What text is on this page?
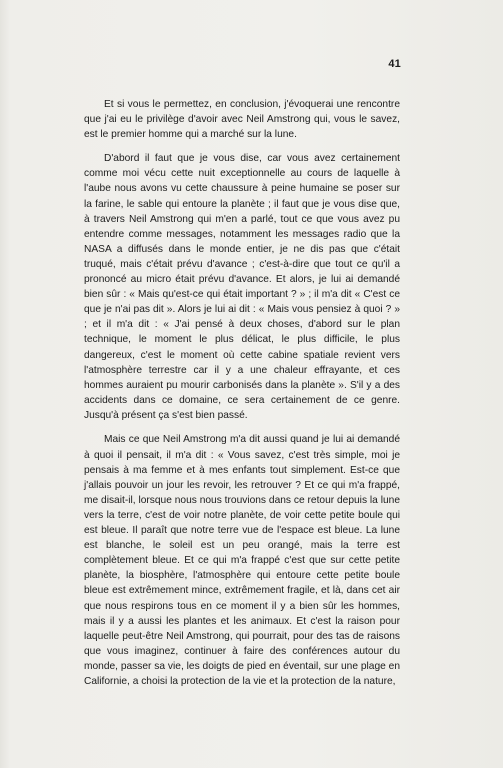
41

Et si vous le permettez, en conclusion, j'évoquerai une rencontre que j'ai eu le privilège d'avoir avec Neil Amstrong qui, vous le savez, est le premier homme qui a marché sur la lune.

D'abord il faut que je vous dise, car vous avez certainement comme moi vécu cette nuit exceptionnelle au cours de laquelle à l'aube nous avons vu cette chaussure à peine humaine se poser sur la farine, le sable qui entoure la planète ; il faut que je vous dise que, à travers Neil Amstrong qui m'en a parlé, tout ce que vous avez pu entendre comme messages, notamment les messages radio que la NASA a diffusés dans le monde entier, je ne dis pas que c'était truqué, mais c'était prévu d'avance ; c'est-à-dire que tout ce qu'il a prononcé au micro était prévu d'avance. Et alors, je lui ai demandé bien sûr : « Mais qu'est-ce qui était important ? » ; il m'a dit « C'est ce que je n'ai pas dit ». Alors je lui ai dit : « Mais vous pensiez à quoi ? » ; et il m'a dit : « J'ai pensé à deux choses, d'abord sur le plan technique, le moment le plus délicat, le plus difficile, le plus dangereux, c'est le moment où cette cabine spatiale revient vers l'atmosphère terrestre car il y a une chaleur effrayante, et ces hommes auraient pu mourir carbonisés dans la planète ». S'il y a des accidents dans ce domaine, ce sera certainement de ce genre. Jusqu'à présent ça s'est bien passé.

Mais ce que Neil Amstrong m'a dit aussi quand je lui ai demandé à quoi il pensait, il m'a dit : « Vous savez, c'est très simple, moi je pensais à ma femme et à mes enfants tout simplement. Est-ce que j'allais pouvoir un jour les revoir, les retrouver ? Et ce qui m'a frappé, me disait-il, lorsque nous nous trouvions dans ce retour depuis la lune vers la terre, c'est de voir notre planète, de voir cette petite boule qui est bleue. Il paraît que notre terre vue de l'espace est bleue. La lune est blanche, le soleil est un peu orangé, mais la terre est complètement bleue. Et ce qui m'a frappé c'est que sur cette petite planète, la biosphère, l'atmosphère qui entoure cette petite boule bleue est extrêmement mince, extrêmement fragile, et là, dans cet air que nous respirons tous en ce moment il y a bien sûr les hommes, mais il y a aussi les plantes et les animaux. Et c'est la raison pour laquelle peut-être Neil Amstrong, qui pourrait, pour des tas de raisons que vous imaginez, continuer à faire des conférences autour du monde, passer sa vie, les doigts de pied en éventail, sur une plage en Californie, a choisi la protection de la vie et la protection de la nature,
